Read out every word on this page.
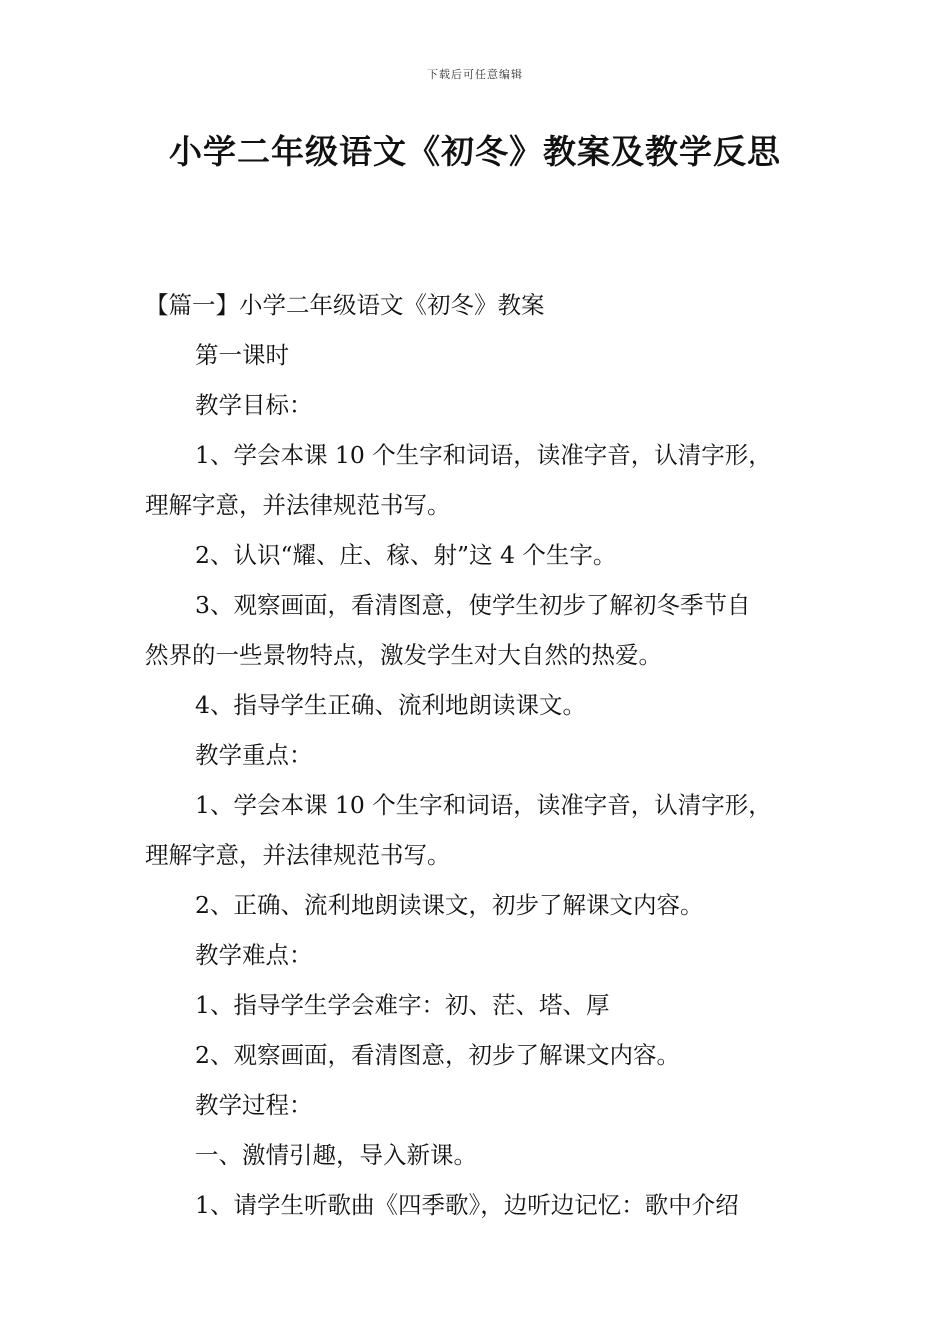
下载后可任意编辑
小学二年级语文《初冬》教案及教学反思
【篇一】小学二年级语文《初冬》教案
第一课时
教学目标：
1、学会本课 10 个生字和词语，读准字音，认清字形，
理解字意，并法律规范书写。
2、认识“耀、庄、稼、射”这 4 个生字。
3、观察画面，看清图意，使学生初步了解初冬季节自
然界的一些景物特点，激发学生对大自然的热爱。
4、指导学生正确、流利地朗读课文。
教学重点：
1、学会本课 10 个生字和词语，读准字音，认清字形，
理解字意，并法律规范书写。
2、正确、流利地朗读课文，初步了解课文内容。
教学难点：
1、指导学生学会难字：初、茫、塔、厚
2、观察画面，看清图意，初步了解课文内容。
教学过程：
一、激情引趣，导入新课。
1、请学生听歌曲《四季歌》，边听边记忆：歌中介绍
